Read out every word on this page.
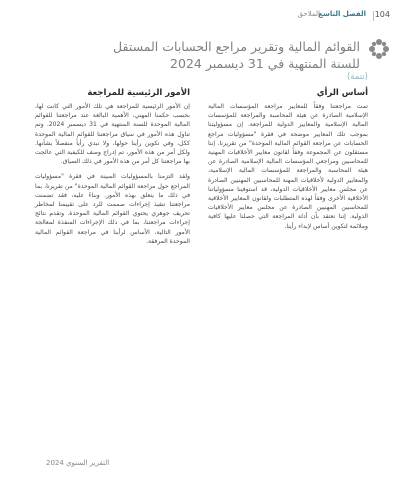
104
الفصل التاسع
الملاحق
القوائم المالية وتقرير مراجع الحسابات المستقل
للسنة المنتهية في 31 ديسمبر 2024
(تتمة)
أساس الرأي

تمت مراجعتنا وفقاً للمعايير مراجعة المؤسسات المالية الإسلامية الصادرة عن هيئة المحاسبة والمراجعة للمؤسسات المالية الإسلامية والمعايير الدولية للمراجعة. إن مسؤوليتنا بموجب تلك المعايير موضحة في فقرة "مسؤوليات مراجع الحسابات عن مراجعة القوائم المالية الموحدة" من تقريرنا. إننا مستقلون عن المجموعة وفقاً لقانون معايير الأخلاقيات المهنية للمحاسبين ومراجعي المؤسسات المالية الإسلامية الصادرة عن هيئة المحاسبة والمراجعة للمؤسسات المالية الإسلامية، والمعايير الدولية لأخلاقيات المهنة للمحاسبين المهنيين الصادرة عن مجلس معايير الأخلاقيات الدولية، قد استوفينا مسؤولياتنا الأخلاقية الأخرى وفقاً لهذه المتطلبات ولقانون المعايير الأخلاقية للمحاسبين المهنيين الصادرة عن مجلس معايير الأخلاقيات الدولية. إننا نعتقد بأن أدلة المراجعة التي حصلنا عليها كافية وملائمة لتكوين أساس لإبداء رأينا.

الأمور الرئيسية للمراجعة

إن الأمور الرئيسية للمراجعة هي تلك الأمور التي كانت لها، بحسب حكمنا المهني، الأهمية البالغة عند مراجعتنا للقوائم المالية الموحدة للسنة المنتهية في 31 ديسمبر 2024. وتم تناول هذه الأمور في سياق مراجعتنا للقوائم المالية الموحدة ككل، وفي تكوين رأينا حولها، ولا نبدي رأياً منفصلاً بشأنها. ولكل أمر من هذه الأمور، تم إدراج وصف للكيفية التي عالجت بها مراجعتنا كل أمر من هذه الأمور في ذلك السياق.

ولقد التزمنا بالمسؤوليات المبينة في فقرة "مسؤوليات المراجع حول مراجعة القوائم المالية الموحدة" من تقريرنا، بما في ذلك ما يتعلق بهذه الأمور. وبناءً عليه، فقد تضمنت مراجعتنا تنفيذ إجراءات صممت للرد على تقييمنا لمخاطر تحريف جوهري يحتوي القوائم المالية الموحدة. وتقدم نتائج إجراءات مراجعتنا، بما في ذلك الإجراءات المنفذة لمعالجة الأمور التالية، الأساس لرأينا في مراجعة القوائم المالية الموحدة المرفقة.

التقرير السنوي 2024
